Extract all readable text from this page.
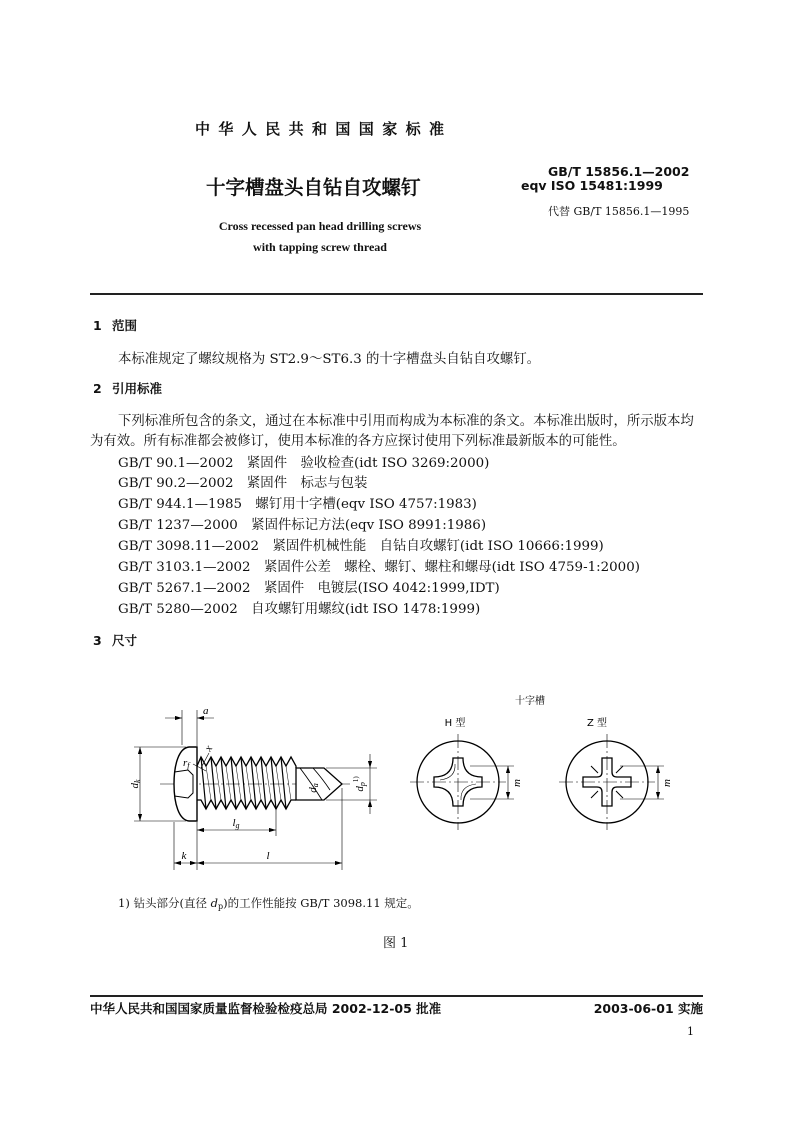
中华人民共和国国家标准
十字槽盘头自钻自攻螺钉
Cross recessed pan head drilling screws
with tapping screw thread
GB/T 15856.1—2002
eqv ISO 15481:1999
代替 GB/T 15856.1—1995
1 范围
本标准规定了螺纹规格为 ST2.9～ST6.3 的十字槽盘头自钻自攻螺钉。
2 引用标准
下列标准所包含的条文，通过在本标准中引用而构成为本标准的条文。本标准出版时，所示版本均
为有效。所有标准都会被修订，使用本标准的各方应探讨使用下列标准最新版本的可能性。
GB/T 90.1—2002　紧固件　验收检查(idt ISO 3269:2000)
GB/T 90.2—2002　紧固件　标志与包装
GB/T 944.1—1985　螺钉用十字槽(eqv ISO 4757:1983)
GB/T 1237—2000　紧固件标记方法(eqv ISO 8991:1986)
GB/T 3098.11—2002　紧固件机械性能　自钻自攻螺钉(idt ISO 10666:1999)
GB/T 3103.1—2002　紧固件公差　螺栓、螺钉、螺柱和螺母(idt ISO 4759-1:2000)
GB/T 5267.1—2002　紧固件　电镀层(ISO 4042:1999,IDT)
GB/T 5280—2002　自攻螺钉用螺纹(idt ISO 1478:1999)
3 尺寸
十字槽
H 型	Z 型
dk
a
x
rf
da
$dp^{1)}$
lg
k	l
m	m
1) 钻头部分(直径 $d_p$)的工作性能按 GB/T 3098.11 规定。
图 1
中华人民共和国国家质量监督检验检疫总局 2002-12-05 批准	2003-06-01 实施
1
